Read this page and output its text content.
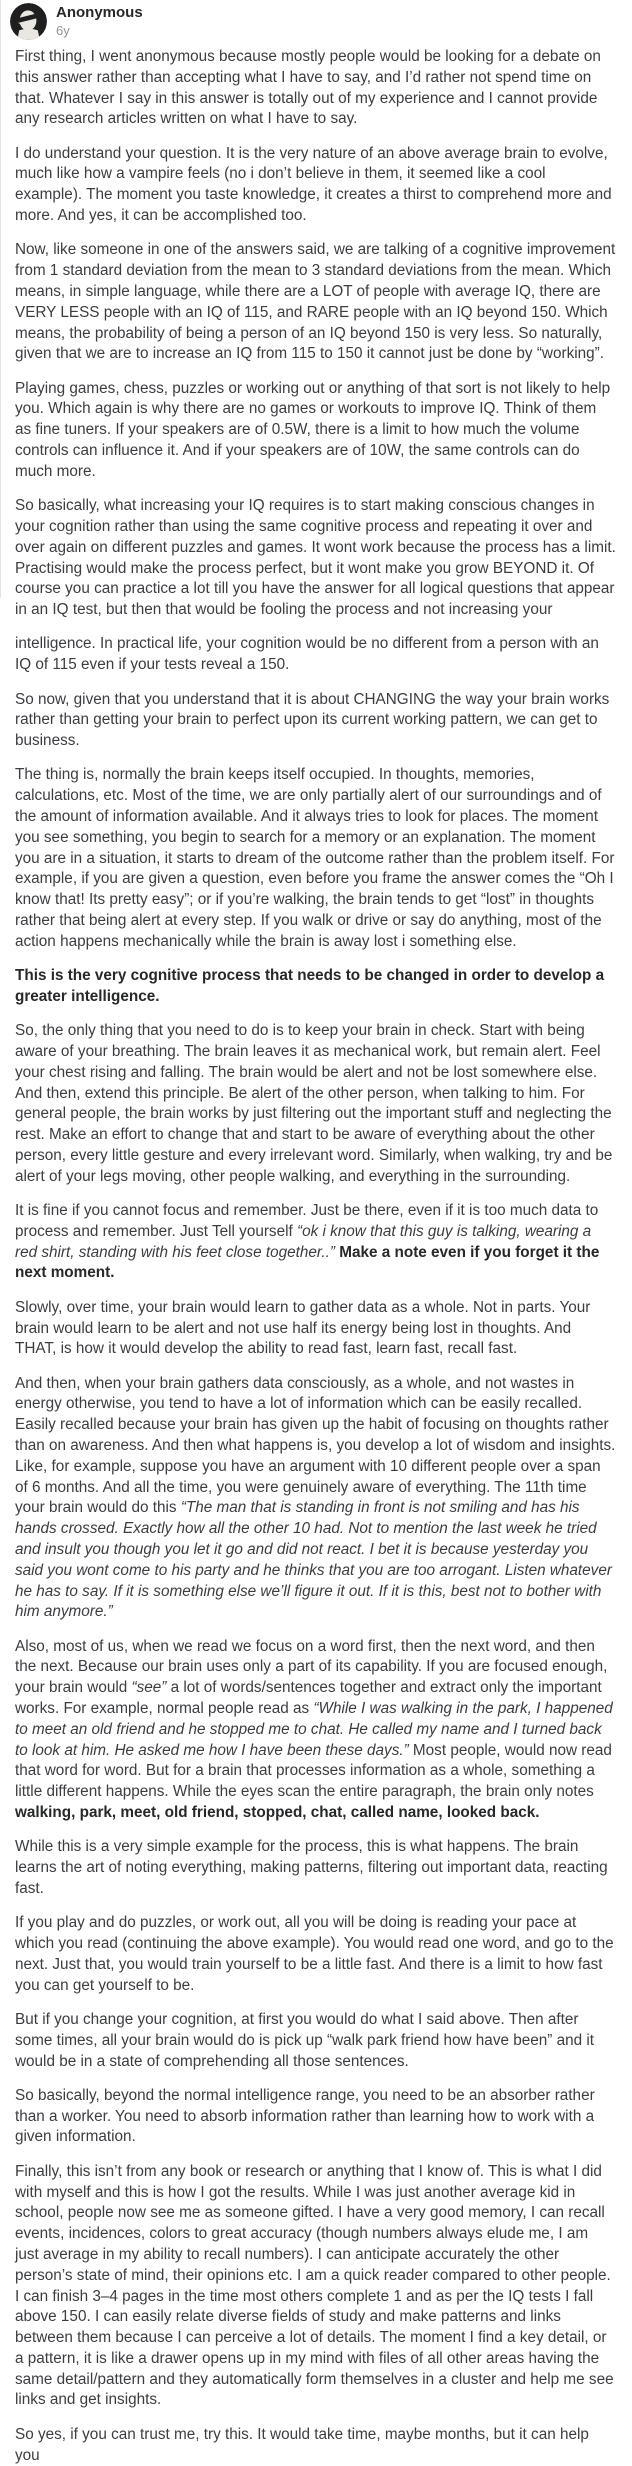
Anonymous
6y

First thing, I went anonymous because mostly people would be looking for a debate on this answer rather than accepting what I have to say, and I’d rather not spend time on that. Whatever I say in this answer is totally out of my experience and I cannot provide any research articles written on what I have to say.

I do understand your question. It is the very nature of an above average brain to evolve, much like how a vampire feels (no i don’t believe in them, it seemed like a cool example). The moment you taste knowledge, it creates a thirst to comprehend more and more. And yes, it can be accomplished too.

Now, like someone in one of the answers said, we are talking of a cognitive improvement from 1 standard deviation from the mean to 3 standard deviations from the mean. Which means, in simple language, while there are a LOT of people with average IQ, there are VERY LESS people with an IQ of 115, and RARE people with an IQ beyond 150. Which means, the probability of being a person of an IQ beyond 150 is very less. So naturally, given that we are to increase an IQ from 115 to 150 it cannot just be done by “working”.

Playing games, chess, puzzles or working out or anything of that sort is not likely to help you. Which again is why there are no games or workouts to improve IQ. Think of them as fine tuners. If your speakers are of 0.5W, there is a limit to how much the volume controls can influence it. And if your speakers are of 10W, the same controls can do much more.

So basically, what increasing your IQ requires is to start making conscious changes in your cognition rather than using the same cognitive process and repeating it over and over again on different puzzles and games. It wont work because the process has a limit. Practising would make the process perfect, but it wont make you grow BEYOND it. Of course you can practice a lot till you have the answer for all logical questions that appear in an IQ test, but then that would be fooling the process and not increasing your

intelligence. In practical life, your cognition would be no different from a person with an IQ of 115 even if your tests reveal a 150.

So now, given that you understand that it is about CHANGING the way your brain works rather than getting your brain to perfect upon its current working pattern, we can get to business.

The thing is, normally the brain keeps itself occupied. In thoughts, memories, calculations, etc. Most of the time, we are only partially alert of our surroundings and of the amount of information available. And it always tries to look for places. The moment you see something, you begin to search for a memory or an explanation. The moment you are in a situation, it starts to dream of the outcome rather than the problem itself. For example, if you are given a question, even before you frame the answer comes the “Oh I know that! Its pretty easy”; or if you’re walking, the brain tends to get “lost” in thoughts rather that being alert at every step. If you walk or drive or say do anything, most of the action happens mechanically while the brain is away lost i something else.

This is the very cognitive process that needs to be changed in order to develop a greater intelligence.

So, the only thing that you need to do is to keep your brain in check. Start with being aware of your breathing. The brain leaves it as mechanical work, but remain alert. Feel your chest rising and falling. The brain would be alert and not be lost somewhere else. And then, extend this principle. Be alert of the other person, when talking to him. For general people, the brain works by just filtering out the important stuff and neglecting the rest. Make an effort to change that and start to be aware of everything about the other person, every little gesture and every irrelevant word. Similarly, when walking, try and be alert of your legs moving, other people walking, and everything in the surrounding.

It is fine if you cannot focus and remember. Just be there, even if it is too much data to process and remember. Just Tell yourself “ok i know that this guy is talking, wearing a red shirt, standing with his feet close together..” Make a note even if you forget it the next moment.

Slowly, over time, your brain would learn to gather data as a whole. Not in parts. Your brain would learn to be alert and not use half its energy being lost in thoughts. And THAT, is how it would develop the ability to read fast, learn fast, recall fast.

And then, when your brain gathers data consciously, as a whole, and not wastes in energy otherwise, you tend to have a lot of information which can be easily recalled. Easily recalled because your brain has given up the habit of focusing on thoughts rather than on awareness. And then what happens is, you develop a lot of wisdom and insights. Like, for example, suppose you have an argument with 10 different people over a span of 6 months. And all the time, you were genuinely aware of everything. The 11th time your brain would do this “The man that is standing in front is not smiling and has his hands crossed. Exactly how all the other 10 had. Not to mention the last week he tried and insult you though you let it go and did not react. I bet it is because yesterday you said you wont come to his party and he thinks that you are too arrogant. Listen whatever he has to say. If it is something else we’ll figure it out. If it is this, best not to bother with him anymore.”

Also, most of us, when we read we focus on a word first, then the next word, and then the next. Because our brain uses only a part of its capability. If you are focused enough, your brain would “see” a lot of words/sentences together and extract only the important works. For example, normal people read as “While I was walking in the park, I happened to meet an old friend and he stopped me to chat. He called my name and I turned back to look at him. He asked me how I have been these days.” Most people, would now read that word for word. But for a brain that processes information as a whole, something a little different happens. While the eyes scan the entire paragraph, the brain only notes walking, park, meet, old friend, stopped, chat, called name, looked back.

While this is a very simple example for the process, this is what happens. The brain learns the art of noting everything, making patterns, filtering out important data, reacting fast.

If you play and do puzzles, or work out, all you will be doing is reading your pace at which you read (continuing the above example). You would read one word, and go to the next. Just that, you would train yourself to be a little fast. And there is a limit to how fast you can get yourself to be.

But if you change your cognition, at first you would do what I said above. Then after some times, all your brain would do is pick up “walk park friend how have been” and it would be in a state of comprehending all those sentences.

So basically, beyond the normal intelligence range, you need to be an absorber rather than a worker. You need to absorb information rather than learning how to work with a given information.

Finally, this isn’t from any book or research or anything that I know of. This is what I did with myself and this is how I got the results. While I was just another average kid in school, people now see me as someone gifted. I have a very good memory, I can recall events, incidences, colors to great accuracy (though numbers always elude me, I am just average in my ability to recall numbers). I can anticipate accurately the other person’s state of mind, their opinions etc. I am a quick reader compared to other people. I can finish 3–4 pages in the time most others complete 1 and as per the IQ tests I fall above 150. I can easily relate diverse fields of study and make patterns and links between them because I can perceive a lot of details. The moment I find a key detail, or a pattern, it is like a drawer opens up in my mind with files of all other areas having the same detail/pattern and they automatically form themselves in a cluster and help me see links and get insights.

So yes, if you can trust me, try this. It would take time, maybe months, but it can help you
